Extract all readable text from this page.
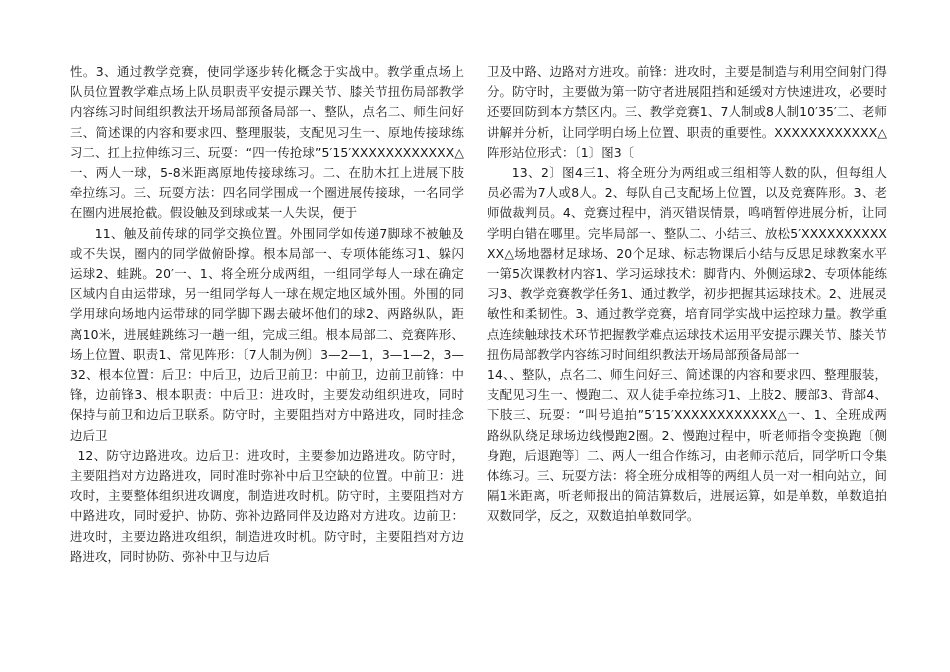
性。3、通过教学竞赛，使同学逐步转化概念于实战中。教学重点场上队员位置教学难点场上队员职责平安提示踝关节、膝关节扭伤局部教学内容练习时间组织教法开场局部预备局部一、整队，点名二、师生问好三、简述课的内容和要求四、整理服装，支配见习生一、原地传接球练习二、扛上拉伸练习三、玩耍：“四一传抢球”5′15′XXXXXXXXXXXX△一、两人一球，5-8米距离原地传接球练习。二、在肋木扛上进展下肢牵拉练习。三、玩耍方法：四名同学围成一个圈进展传接球，一名同学在圈内进展抢截。假设触及到球或某一人失误，便于

11、触及前传球的同学交换位置。外围同学如传递7脚球不被触及或不失误，圈内的同学做俯卧撑。根本局部一、专项体能练习1、躲闪运球2、蛙跳。20′一、1、将全班分成两组，一组同学每人一球在确定区域内自由运带球，另一组同学每人一球在规定地区域外围。外围的同学用球向场地内运带球的同学脚下踢去破坏他们的球2、两路纵队，距离10米，进展蛙跳练习一趟一组，完成三组。根本局部二、竞赛阵形、场上位置、职责1、常见阵形：〔7人制为例〕3—2—1，3—1—2，3—32、根本位置：后卫：中后卫，边后卫前卫：中前卫，边前卫前锋：中锋，边前锋3、根本职责：中后卫：进攻时，主要发动组织进攻，同时保持与前卫和边后卫联系。防守时，主要阻挡对方中路进攻，同时挂念边后卫

12、防守边路进攻。边后卫：进攻时，主要参加边路进攻。防守时，主要阻挡对方边路进攻，同时准时弥补中后卫空缺的位置。中前卫：进攻时，主要整体组织进攻调度，制造进攻时机。防守时，主要阻挡对方中路进攻，同时爱护、协防、弥补边路同伴及边路对方进攻。边前卫：进攻时，主要边路进攻组织，制造进攻时机。防守时，主要阻挡对方边路进攻，同时协防、弥补中卫与边后

卫及中路、边路对方进攻。前锋：进攻时，主要是制造与利用空间射门得分。防守时，主要做为第一防守者进展阻挡和延缓对方快速进攻，必要时还要回防到本方禁区内。三、教学竞赛1、7人制或8人制10′35′二、老师讲解并分析，让同学明白场上位置、职责的重要性。XXXXXXXXXXXX△阵形站位形式：〔1〕图3〔

13、2〕图4三1、将全班分为两组或三组相等人数的队，但每组人员必需为7人或8人。2、每队自己支配场上位置，以及竞赛阵形。3、老师做裁判员。4、竞赛过程中，消灭错误情景，鸣哨暂停进展分析，让同学明白错在哪里。完毕局部一、整队二、小结三、放松5′XXXXXXXXXXXX△场地器材足球场、20个足球、标志物课后小结与反思足球教案水平一第5次课教材内容1、学习运球技术：脚背内、外侧运球2、专项体能练习3、教学竞赛教学任务1、通过教学，初步把握其运球技术。2、进展灵敏性和柔韧性。3、通过教学竞赛，培育同学实战中运控球力量。教学重点连续触球技术环节把握教学难点运球技术运用平安提示踝关节、膝关节扭伤局部教学内容练习时间组织教法开场局部预备局部一

14、、整队，点名二、师生问好三、简述课的内容和要求四、整理服装，支配见习生一、慢跑二、双人徒手牵拉练习1、上肢2、腰部3、背部4、下肢三、玩耍：“叫号追拍”5′15′XXXXXXXXXXXX△一、1、全班成两路纵队绕足球场边线慢跑2圈。2、慢跑过程中，听老师指令变换跑〔侧身跑，后退跑等〕二、两人一组合作练习，由老师示范后，同学听口令集体练习。三、玩耍方法：将全班分成相等的两组人员一对一相向站立，间隔1米距离，听老师报出的简洁算数后，进展运算，如是单数，单数追拍双数同学，反之，双数追拍单数同学。
